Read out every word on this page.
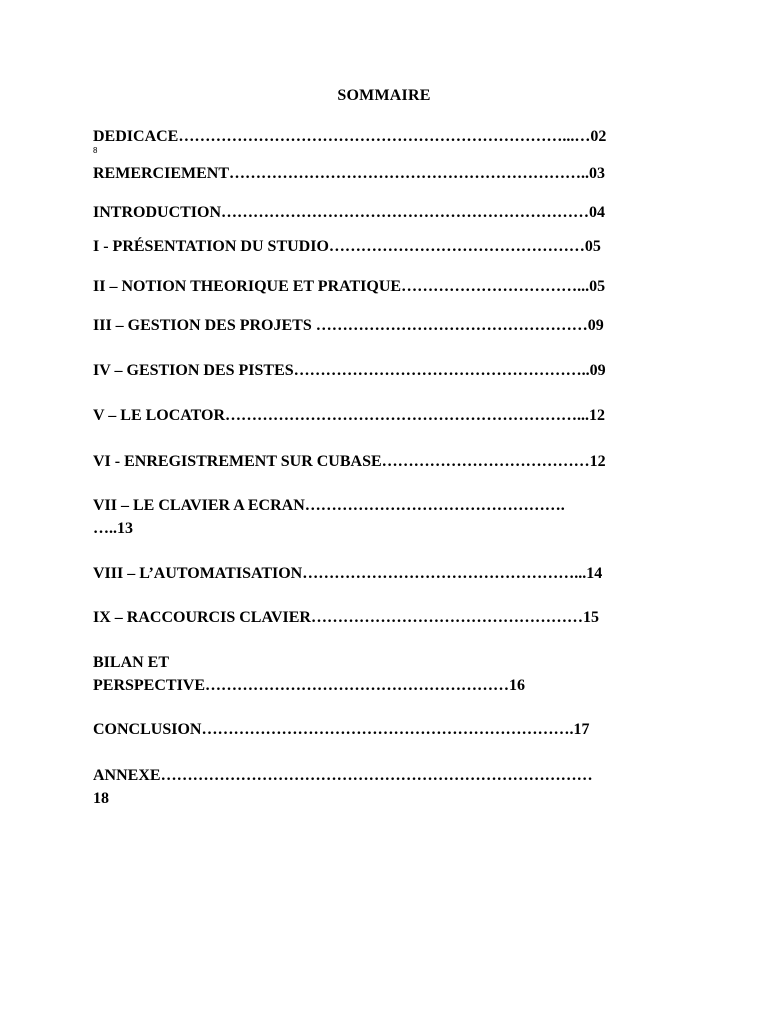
SOMMAIRE
DEDICACE………………………………………………………………...…02
8
REMERCIEMENT…………………………………………………………..03
INTRODUCTION……………………………………………………………04
I - PRÉSENTATION DU STUDIO…………………………………………05
II – NOTION THEORIQUE ET PRATIQUE……………………………...05
III – GESTION DES PROJETS ……………………………………………09
IV – GESTION DES PISTES………………………………………………..09
V – LE LOCATOR…………………………………………………………...12
VI - ENREGISTREMENT SUR CUBASE…………………………………12
VII – LE CLAVIER A ECRAN………………………………………….
…..13
VIII – L’AUTOMATISATION……………………………………………...14
IX – RACCOURCIS CLAVIER……………………………………………15
BILAN ET
PERSPECTIVE…………………………………………………16
CONCLUSION…………………………………………………………….17
ANNEXE………………………………………………………………………
18
